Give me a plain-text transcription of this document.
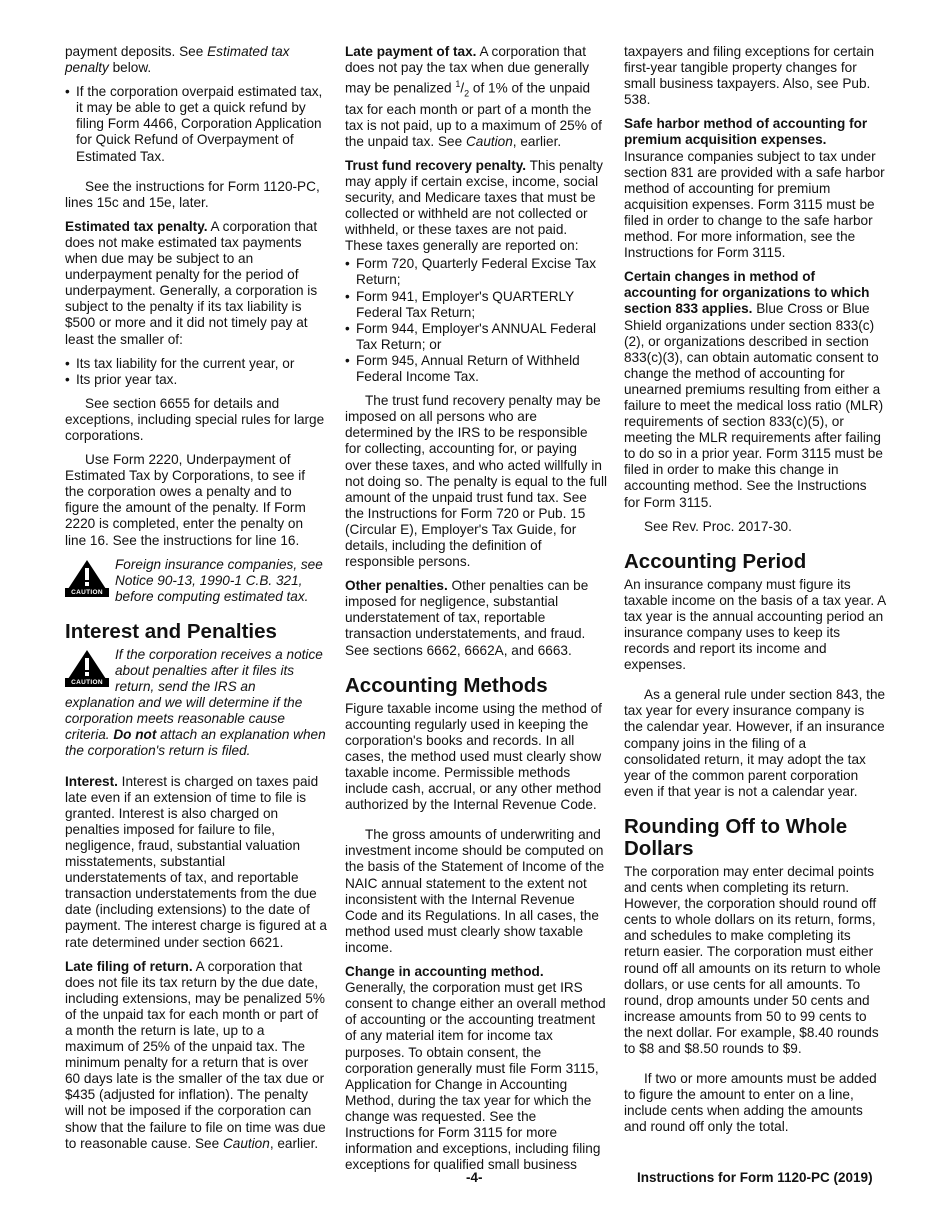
payment deposits. See Estimated tax penalty below.

• If the corporation overpaid estimated tax, it may be able to get a quick refund by filing Form 4466, Corporation Application for Quick Refund of Overpayment of Estimated Tax.

See the instructions for Form 1120-PC, lines 15c and 15e, later.

Estimated tax penalty. A corporation that does not make estimated tax payments when due may be subject to an underpayment penalty for the period of underpayment. Generally, a corporation is subject to the penalty if its tax liability is $500 or more and it did not timely pay at least the smaller of:

• Its tax liability for the current year, or

• Its prior year tax.

See section 6655 for details and exceptions, including special rules for large corporations.

Use Form 2220, Underpayment of Estimated Tax by Corporations, to see if the corporation owes a penalty and to figure the amount of the penalty. If Form 2220 is completed, enter the penalty on line 16. See the instructions for line 16.

CAUTION
Foreign insurance companies, see Notice 90-13, 1990-1 C.B. 321, before computing estimated tax.
Interest and Penalties
CAUTION
If the corporation receives a notice about penalties after it files its return, send the IRS an explanation and we will determine if the corporation meets reasonable cause criteria. Do not attach an explanation when the corporation's return is filed.

Interest. Interest is charged on taxes paid late even if an extension of time to file is granted. Interest is also charged on penalties imposed for failure to file, negligence, fraud, substantial valuation misstatements, substantial understatements of tax, and reportable transaction understatements from the due date (including extensions) to the date of payment. The interest charge is figured at a rate determined under section 6621.

Late filing of return. A corporation that does not file its tax return by the due date, including extensions, may be penalized 5% of the unpaid tax for each month or part of a month the return is late, up to a maximum of 25% of the unpaid tax. The minimum penalty for a return that is over 60 days late is the smaller of the tax due or $435 (adjusted for inflation). The penalty will not be imposed if the corporation can show that the failure to file on time was due to reasonable cause. See Caution, earlier.

Late payment of tax. A corporation that does not pay the tax when due generally may be penalized $^1/_2$ of 1% of the unpaid tax for each month or part of a month the tax is not paid, up to a maximum of 25% of the unpaid tax. See Caution, earlier.

Trust fund recovery penalty. This penalty may apply if certain excise, income, social security, and Medicare taxes that must be collected or withheld are not collected or withheld, or these taxes are not paid. These taxes generally are reported on:

• Form 720, Quarterly Federal Excise Tax Return;

• Form 941, Employer's QUARTERLY Federal Tax Return;

• Form 944, Employer's ANNUAL Federal Tax Return; or

• Form 945, Annual Return of Withheld Federal Income Tax.

The trust fund recovery penalty may be imposed on all persons who are determined by the IRS to be responsible for collecting, accounting for, or paying over these taxes, and who acted willfully in not doing so. The penalty is equal to the full amount of the unpaid trust fund tax. See the Instructions for Form 720 or Pub. 15 (Circular E), Employer's Tax Guide, for details, including the definition of responsible persons.

Other penalties. Other penalties can be imposed for negligence, substantial understatement of tax, reportable transaction understatements, and fraud. See sections 6662, 6662A, and 6663.

Accounting Methods

Figure taxable income using the method of accounting regularly used in keeping the corporation's books and records. In all cases, the method used must clearly show taxable income. Permissible methods include cash, accrual, or any other method authorized by the Internal Revenue Code.

The gross amounts of underwriting and investment income should be computed on the basis of the Statement of Income of the NAIC annual statement to the extent not inconsistent with the Internal Revenue Code and its Regulations. In all cases, the method used must clearly show taxable income.

Change in accounting method.
Generally, the corporation must get IRS consent to change either an overall method of accounting or the accounting treatment of any material item for income tax purposes. To obtain consent, the corporation generally must file Form 3115, Application for Change in Accounting Method, during the tax year for which the change was requested. See the Instructions for Form 3115 for more information and exceptions, including filing exceptions for qualified small business

taxpayers and filing exceptions for certain first-year tangible property changes for small business taxpayers. Also, see Pub. 538.

Safe harbor method of accounting for premium acquisition expenses.
Insurance companies subject to tax under section 831 are provided with a safe harbor method of accounting for premium acquisition expenses. Form 3115 must be filed in order to change to the safe harbor method. For more information, see the Instructions for Form 3115.

Certain changes in method of accounting for organizations to which section 833 applies. Blue Cross or Blue Shield organizations under section 833(c)(2), or organizations described in section 833(c)(3), can obtain automatic consent to change the method of accounting for unearned premiums resulting from either a failure to meet the medical loss ratio (MLR) requirements of section 833(c)(5), or meeting the MLR requirements after failing to do so in a prior year. Form 3115 must be filed in order to make this change in accounting method. See the Instructions for Form 3115.

See Rev. Proc. 2017-30.

Accounting Period

An insurance company must figure its taxable income on the basis of a tax year. A tax year is the annual accounting period an insurance company uses to keep its records and report its income and expenses.

As a general rule under section 843, the tax year for every insurance company is the calendar year. However, if an insurance company joins in the filing of a consolidated return, it may adopt the tax year of the common parent corporation even if that year is not a calendar year.

Rounding Off to Whole Dollars

The corporation may enter decimal points and cents when completing its return. However, the corporation should round off cents to whole dollars on its return, forms, and schedules to make completing its return easier. The corporation must either round off all amounts on its return to whole dollars, or use cents for all amounts. To round, drop amounts under 50 cents and increase amounts from 50 to 99 cents to the next dollar. For example, $8.40 rounds to $8 and $8.50 rounds to $9.

If two or more amounts must be added to figure the amount to enter on a line, include cents when adding the amounts and round off only the total.

-4-	Instructions for Form 1120-PC (2019)
